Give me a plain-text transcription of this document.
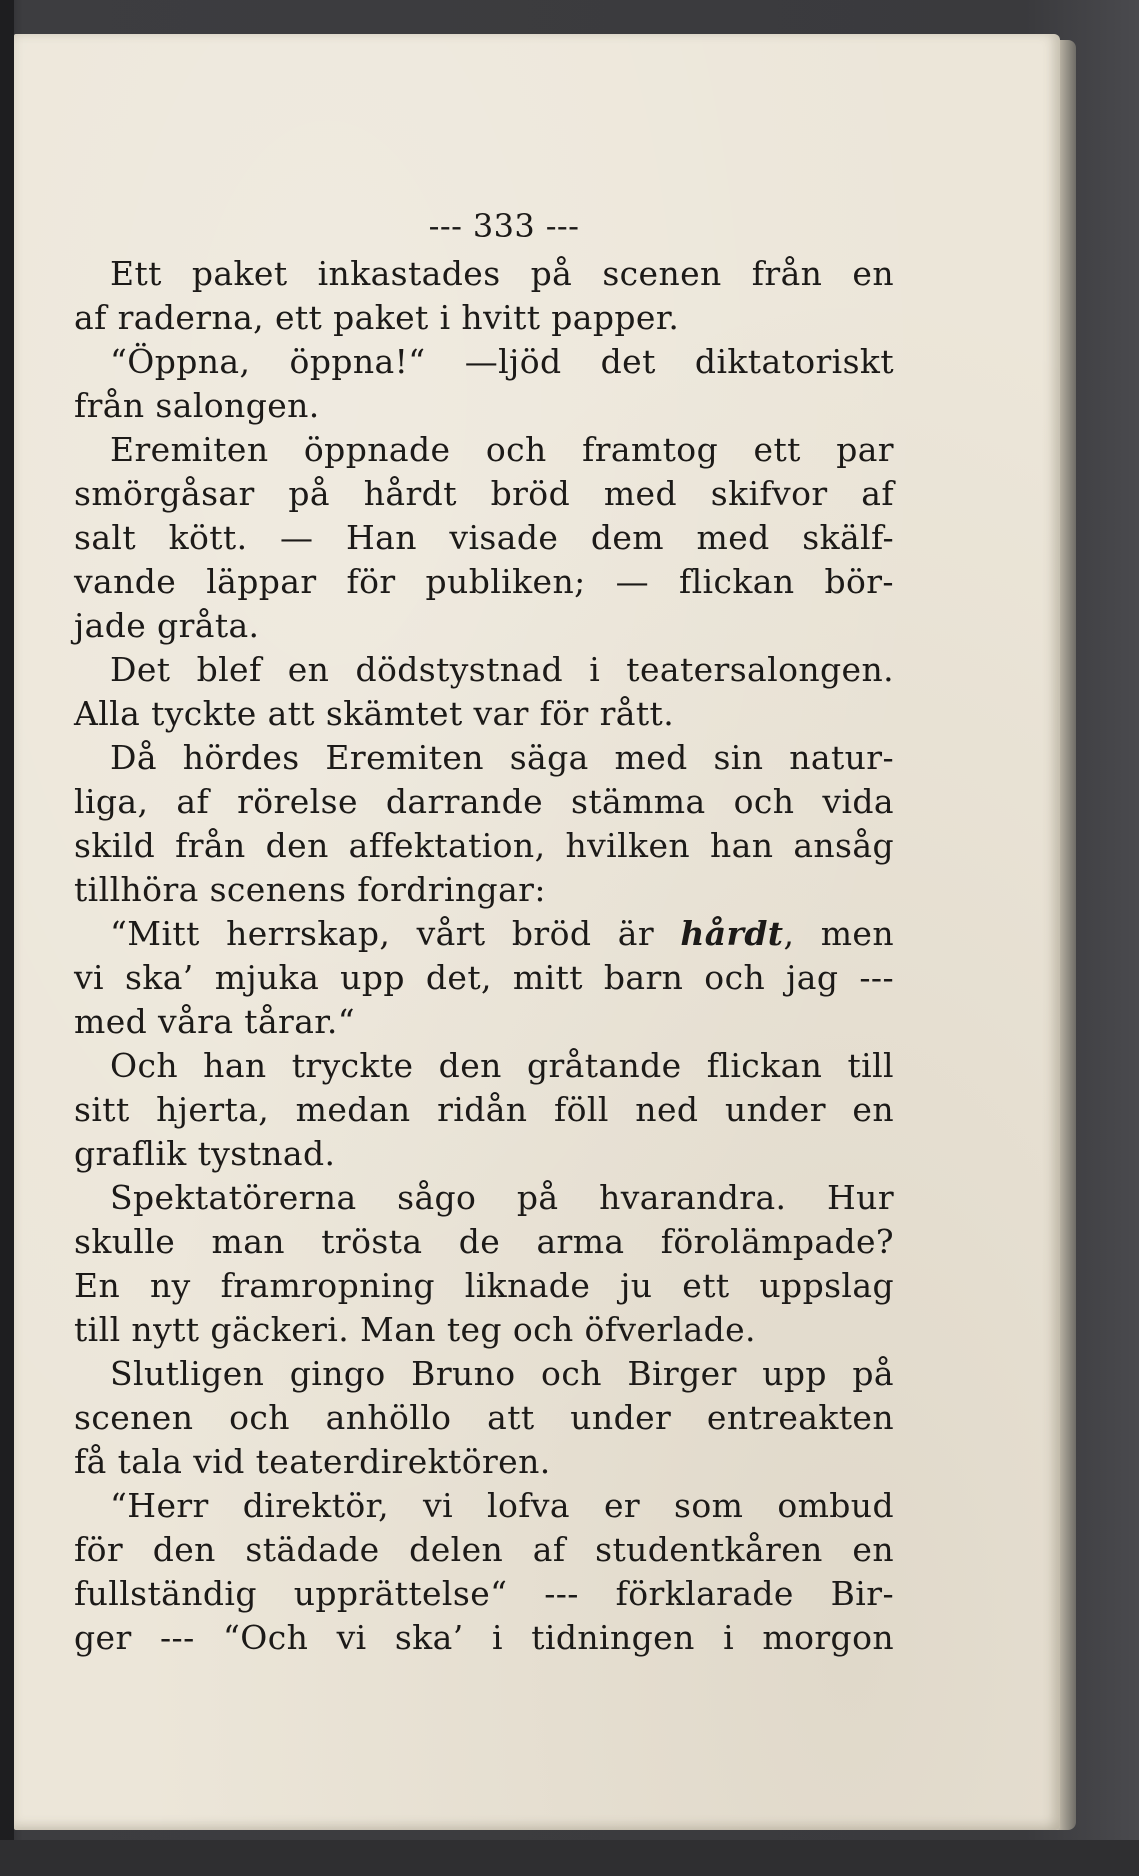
--- 333 ---
Ett paket inkastades på scenen från en
af raderna, ett paket i hvitt papper.
“Öppna, öppna!“ —ljöd det diktatoriskt
från salongen.
Eremiten öppnade och framtog ett par
smörgåsar på hårdt bröd med skifvor af
salt kött. — Han visade dem med skälf-
vande läppar för publiken; — flickan bör-
jade gråta.
Det blef en dödstystnad i teatersalongen.
Alla tyckte att skämtet var för rått.
Då hördes Eremiten säga med sin natur-
liga, af rörelse darrande stämma och vida
skild från den affektation, hvilken han ansåg
tillhöra scenens fordringar:
“Mitt herrskap, vårt bröd är hårdt, men
vi ska’ mjuka upp det, mitt barn och jag ---
med våra tårar.“
Och han tryckte den gråtande flickan till
sitt hjerta, medan ridån föll ned under en
graflik tystnad.
Spektatörerna sågo på hvarandra. Hur
skulle man trösta de arma förolämpade?
En ny framropning liknade ju ett uppslag
till nytt gäckeri. Man teg och öfverlade.
Slutligen gingo Bruno och Birger upp på
scenen och anhöllo att under entreakten
få tala vid teaterdirektören.
“Herr direktör, vi lofva er som ombud
för den städade delen af studentkåren en
fullständig upprättelse“ --- förklarade Bir-
ger --- “Och vi ska’ i tidningen i morgon
